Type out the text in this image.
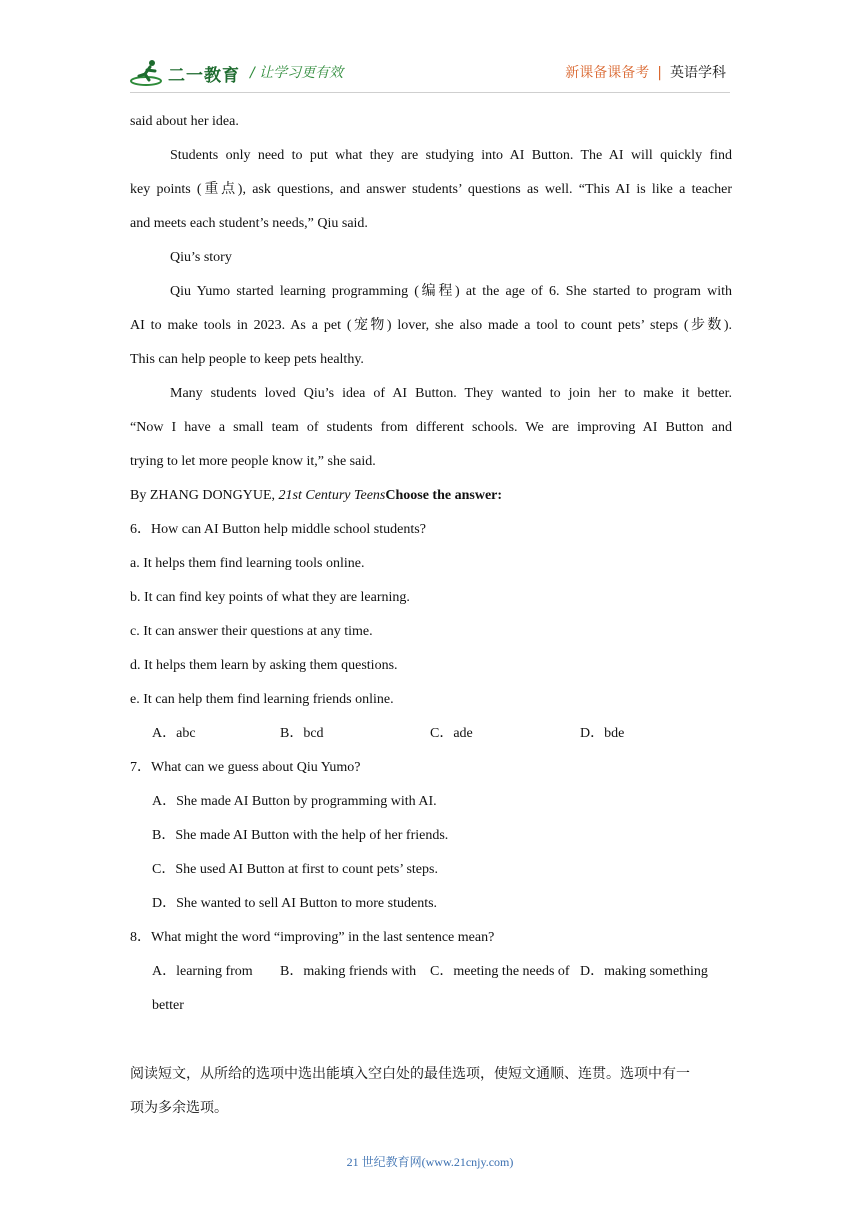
二一教育 / 让学习更有效	新课备课备考 | 英语学科
said about her idea.
Students only need to put what they are studying into AI Button. The AI will quickly find
key points (重点), ask questions, and answer students’ questions as well. “This AI is like a teacher
and meets each student’s needs,” Qiu said.
Qiu’s story
Qiu Yumo started learning programming (编程) at the age of 6. She started to program with
AI to make tools in 2023. As a pet (宠物) lover, she also made a tool to count pets’ steps (步数).
This can help people to keep pets healthy.
Many students loved Qiu’s idea of AI Button. They wanted to join her to make it better.
“Now I have a small team of students from different schools. We are improving AI Button and
trying to let more people know it,” she said.
By ZHANG DONGYUE, 21st Century TeensChoose the answer:
6．How can AI Button help middle school students?
a. It helps them find learning tools online.
b. It can find key points of what they are learning.
c. It can answer their questions at any time.
d. It helps them learn by asking them questions.
e. It can help them find learning friends online.
A．abc	B．bcd	C．ade	D．bde
7．What can we guess about Qiu Yumo?
A．She made AI Button by programming with AI.
B．She made AI Button with the help of her friends.
C．She used AI Button at first to count pets’ steps.
D．She wanted to sell AI Button to more students.
8．What might the word “improving” in the last sentence mean?
A．learning from	B．making friends with C．meeting the needs of D．making something
better
阅读短文，从所给的选项中选出能填入空白处的最佳选项，使短文通顺、连贯。选项中有一
项为多余选项。
21 世纪教育网(www.21cnjy.com)
